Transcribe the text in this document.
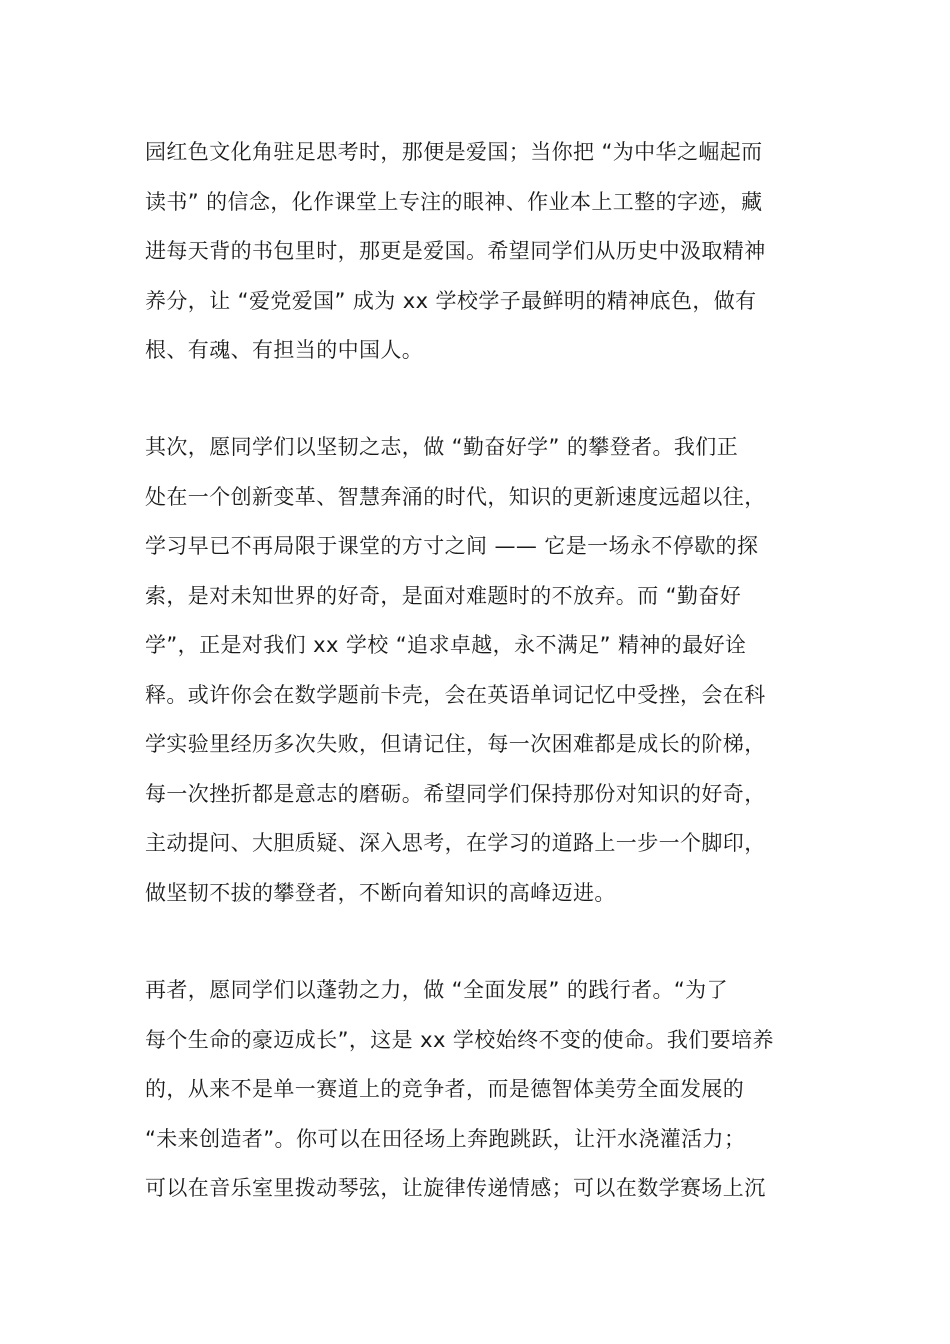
园红色文化角驻足思考时，那便是爱国；当你把 “为中华之崛起而
读书” 的信念，化作课堂上专注的眼神、作业本上工整的字迹，藏
进每天背的书包里时，那更是爱国。希望同学们从历史中汲取精神
养分，让 “爱党爱国” 成为 xx 学校学子最鲜明的精神底色，做有
根、有魂、有担当的中国人。
其次，愿同学们以坚韧之志，做 “勤奋好学” 的攀登者。我们正
处在一个创新变革、智慧奔涌的时代，知识的更新速度远超以往，
学习早已不再局限于课堂的方寸之间 —— 它是一场永不停歇的探
索，是对未知世界的好奇，是面对难题时的不放弃。而 “勤奋好
学”，正是对我们 xx 学校 “追求卓越，永不满足” 精神的最好诠
释。或许你会在数学题前卡壳，会在英语单词记忆中受挫，会在科
学实验里经历多次失败，但请记住，每一次困难都是成长的阶梯，
每一次挫折都是意志的磨砺。希望同学们保持那份对知识的好奇，
主动提问、大胆质疑、深入思考，在学习的道路上一步一个脚印，
做坚韧不拔的攀登者，不断向着知识的高峰迈进。
再者，愿同学们以蓬勃之力，做 “全面发展” 的践行者。“为了
每个生命的豪迈成长”，这是 xx 学校始终不变的使命。我们要培养
的，从来不是单一赛道上的竞争者，而是德智体美劳全面发展的
“未来创造者”。你可以在田径场上奔跑跳跃，让汗水浇灌活力；
可以在音乐室里拨动琴弦，让旋律传递情感；可以在数学赛场上沉
